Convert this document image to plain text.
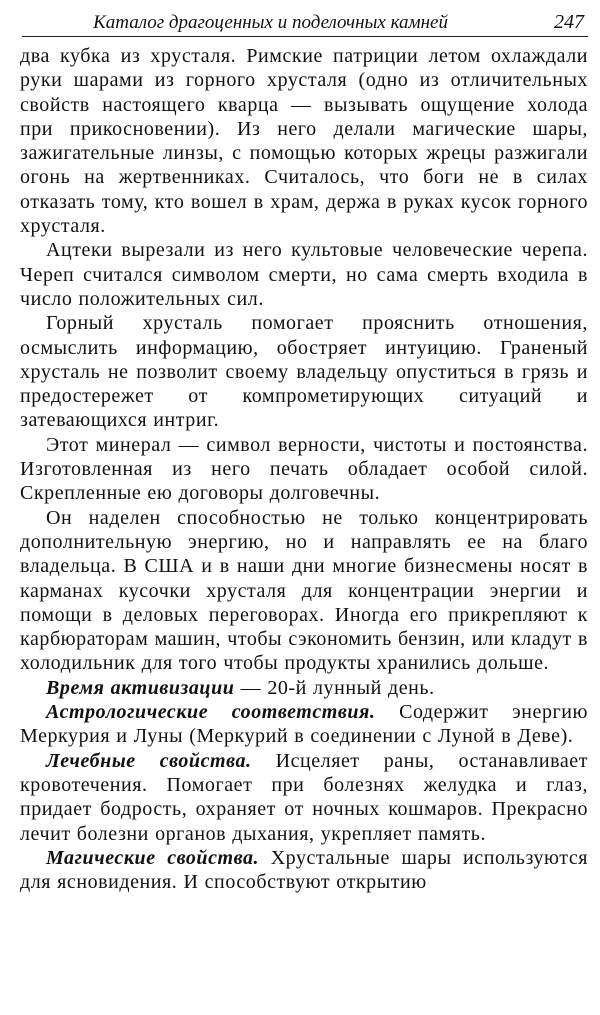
Каталог драгоценных и поделочных камней	247

два кубка из хрусталя. Римские патриции летом охлаждали руки шарами из горного хрусталя (одно из отличительных свойств настоящего кварца — вызывать ощущение холода при прикосновении). Из него делали магические шары, зажигательные линзы, с помощью которых жрецы разжигали огонь на жертвенниках. Считалось, что боги не в силах отказать тому, кто вошел в храм, держа в руках кусок горного хрусталя.

Ацтеки вырезали из него культовые человеческие черепа. Череп считался символом смерти, но сама смерть входила в число положительных сил.

Горный хрусталь помогает прояснить отношения, осмыслить информацию, обостряет интуицию. Граненый хрусталь не позволит своему владельцу опуститься в грязь и предостережет от компрометирующих ситуаций и затевающихся интриг.

Этот минерал — символ верности, чистоты и постоянства. Изготовленная из него печать обладает особой силой. Скрепленные ею договоры долговечны.

Он наделен способностью не только концентрировать дополнительную энергию, но и направлять ее на благо владельца. В США и в наши дни многие бизнесмены носят в карманах кусочки хрусталя для концентрации энергии и помощи в деловых переговорах. Иногда его прикрепляют к карбюраторам машин, чтобы сэкономить бензин, или кладут в холодильник для того чтобы продукты хранились дольше.

Время активизации — 20-й лунный день.

Астрологические соответствия. Содержит энергию Меркурия и Луны (Меркурий в соединении с Луной в Деве).

Лечебные свойства. Исцеляет раны, останавливает кровотечения. Помогает при болезнях желудка и глаз, придает бодрость, охраняет от ночных кошмаров. Прекрасно лечит болезни органов дыхания, укрепляет память.

Магические свойства. Хрустальные шары используются для ясновидения. И способствуют открытию
